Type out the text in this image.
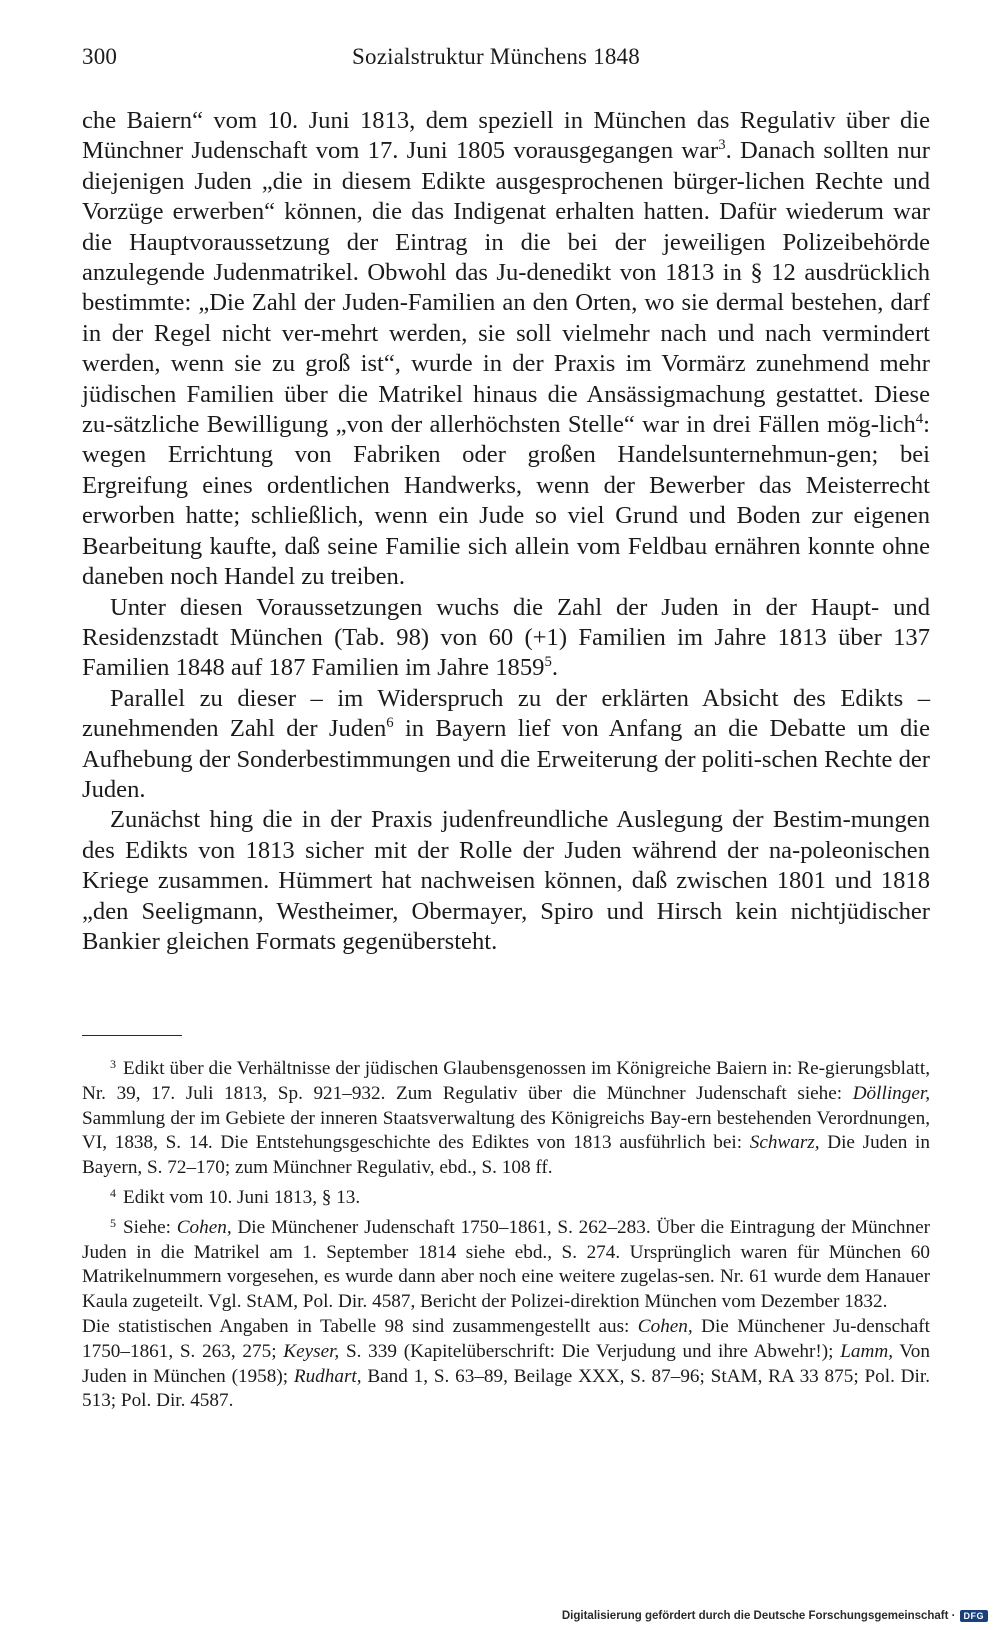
300	Sozialstruktur Münchens 1848

che Baiern“ vom 10. Juni 1813, dem speziell in München das Regulativ über die Münchner Judenschaft vom 17. Juni 1805 vorausgegangen war$^3$. Danach sollten nur diejenigen Juden „die in diesem Edikte ausgesprochenen bürger-lichen Rechte und Vorzüge erwerben“ können, die das Indigenat erhalten hatten. Dafür wiederum war die Hauptvoraussetzung der Eintrag in die bei der jeweiligen Polizeibehörde anzulegende Judenmatrikel. Obwohl das Ju-denedikt von 1813 in § 12 ausdrücklich bestimmte: „Die Zahl der Juden-Familien an den Orten, wo sie dermal bestehen, darf in der Regel nicht ver-mehrt werden, sie soll vielmehr nach und nach vermindert werden, wenn sie zu groß ist“, wurde in der Praxis im Vormärz zunehmend mehr jüdischen Familien über die Matrikel hinaus die Ansässigmachung gestattet. Diese zu-sätzliche Bewilligung „von der allerhöchsten Stelle“ war in drei Fällen mög-lich$^4$: wegen Errichtung von Fabriken oder großen Handelsunternehmun-gen; bei Ergreifung eines ordentlichen Handwerks, wenn der Bewerber das Meisterrecht erworben hatte; schließlich, wenn ein Jude so viel Grund und Boden zur eigenen Bearbeitung kaufte, daß seine Familie sich allein vom Feldbau ernähren konnte ohne daneben noch Handel zu treiben.

Unter diesen Voraussetzungen wuchs die Zahl der Juden in der Haupt- und Residenzstadt München (Tab. 98) von 60 (+1) Familien im Jahre 1813 über 137 Familien 1848 auf 187 Familien im Jahre 1859$^5$.

Parallel zu dieser – im Widerspruch zu der erklärten Absicht des Edikts – zunehmenden Zahl der Juden$^6$ in Bayern lief von Anfang an die Debatte um die Aufhebung der Sonderbestimmungen und die Erweiterung der politi-schen Rechte der Juden.

Zunächst hing die in der Praxis judenfreundliche Auslegung der Bestim-mungen des Edikts von 1813 sicher mit der Rolle der Juden während der na-poleonischen Kriege zusammen. Hümmert hat nachweisen können, daß zwischen 1801 und 1818 „den Seeligmann, Westheimer, Obermayer, Spiro und Hirsch kein nichtjüdischer Bankier gleichen Formats gegenübersteht.

$^3$ Edikt über die Verhältnisse der jüdischen Glaubensgenossen im Königreiche Baiern in: Re-gierungsblatt, Nr. 39, 17. Juli 1813, Sp. 921–932. Zum Regulativ über die Münchner Judenschaft siehe: Döllinger, Sammlung der im Gebiete der inneren Staatsverwaltung des Königreichs Bay-ern bestehenden Verordnungen, VI, 1838, S. 14. Die Entstehungsgeschichte des Ediktes von 1813 ausführlich bei: Schwarz, Die Juden in Bayern, S. 72–170; zum Münchner Regulativ, ebd., S. 108 ff.

$^4$ Edikt vom 10. Juni 1813, § 13.

$^5$ Siehe: Cohen, Die Münchener Judenschaft 1750–1861, S. 262–283. Über die Eintragung der Münchner Juden in die Matrikel am 1. September 1814 siehe ebd., S. 274. Ursprünglich waren für München 60 Matrikelnummern vorgesehen, es wurde dann aber noch eine weitere zugelas-sen. Nr. 61 wurde dem Hanauer Kaula zugeteilt. Vgl. StAM, Pol. Dir. 4587, Bericht der Polizei-direktion München vom Dezember 1832.

Die statistischen Angaben in Tabelle 98 sind zusammengestellt aus: Cohen, Die Münchener Ju-denschaft 1750–1861, S. 263, 275; Keyser, S. 339 (Kapitelüberschrift: Die Verjudung und ihre Abwehr!); Lamm, Von Juden in München (1958); Rudhart, Band 1, S. 63–89, Beilage XXX, S. 87–96; StAM, RA 33 875; Pol. Dir. 513; Pol. Dir. 4587.

Digitalisierung gefördert durch die Deutsche Forschungsgemeinschaft · DFG
